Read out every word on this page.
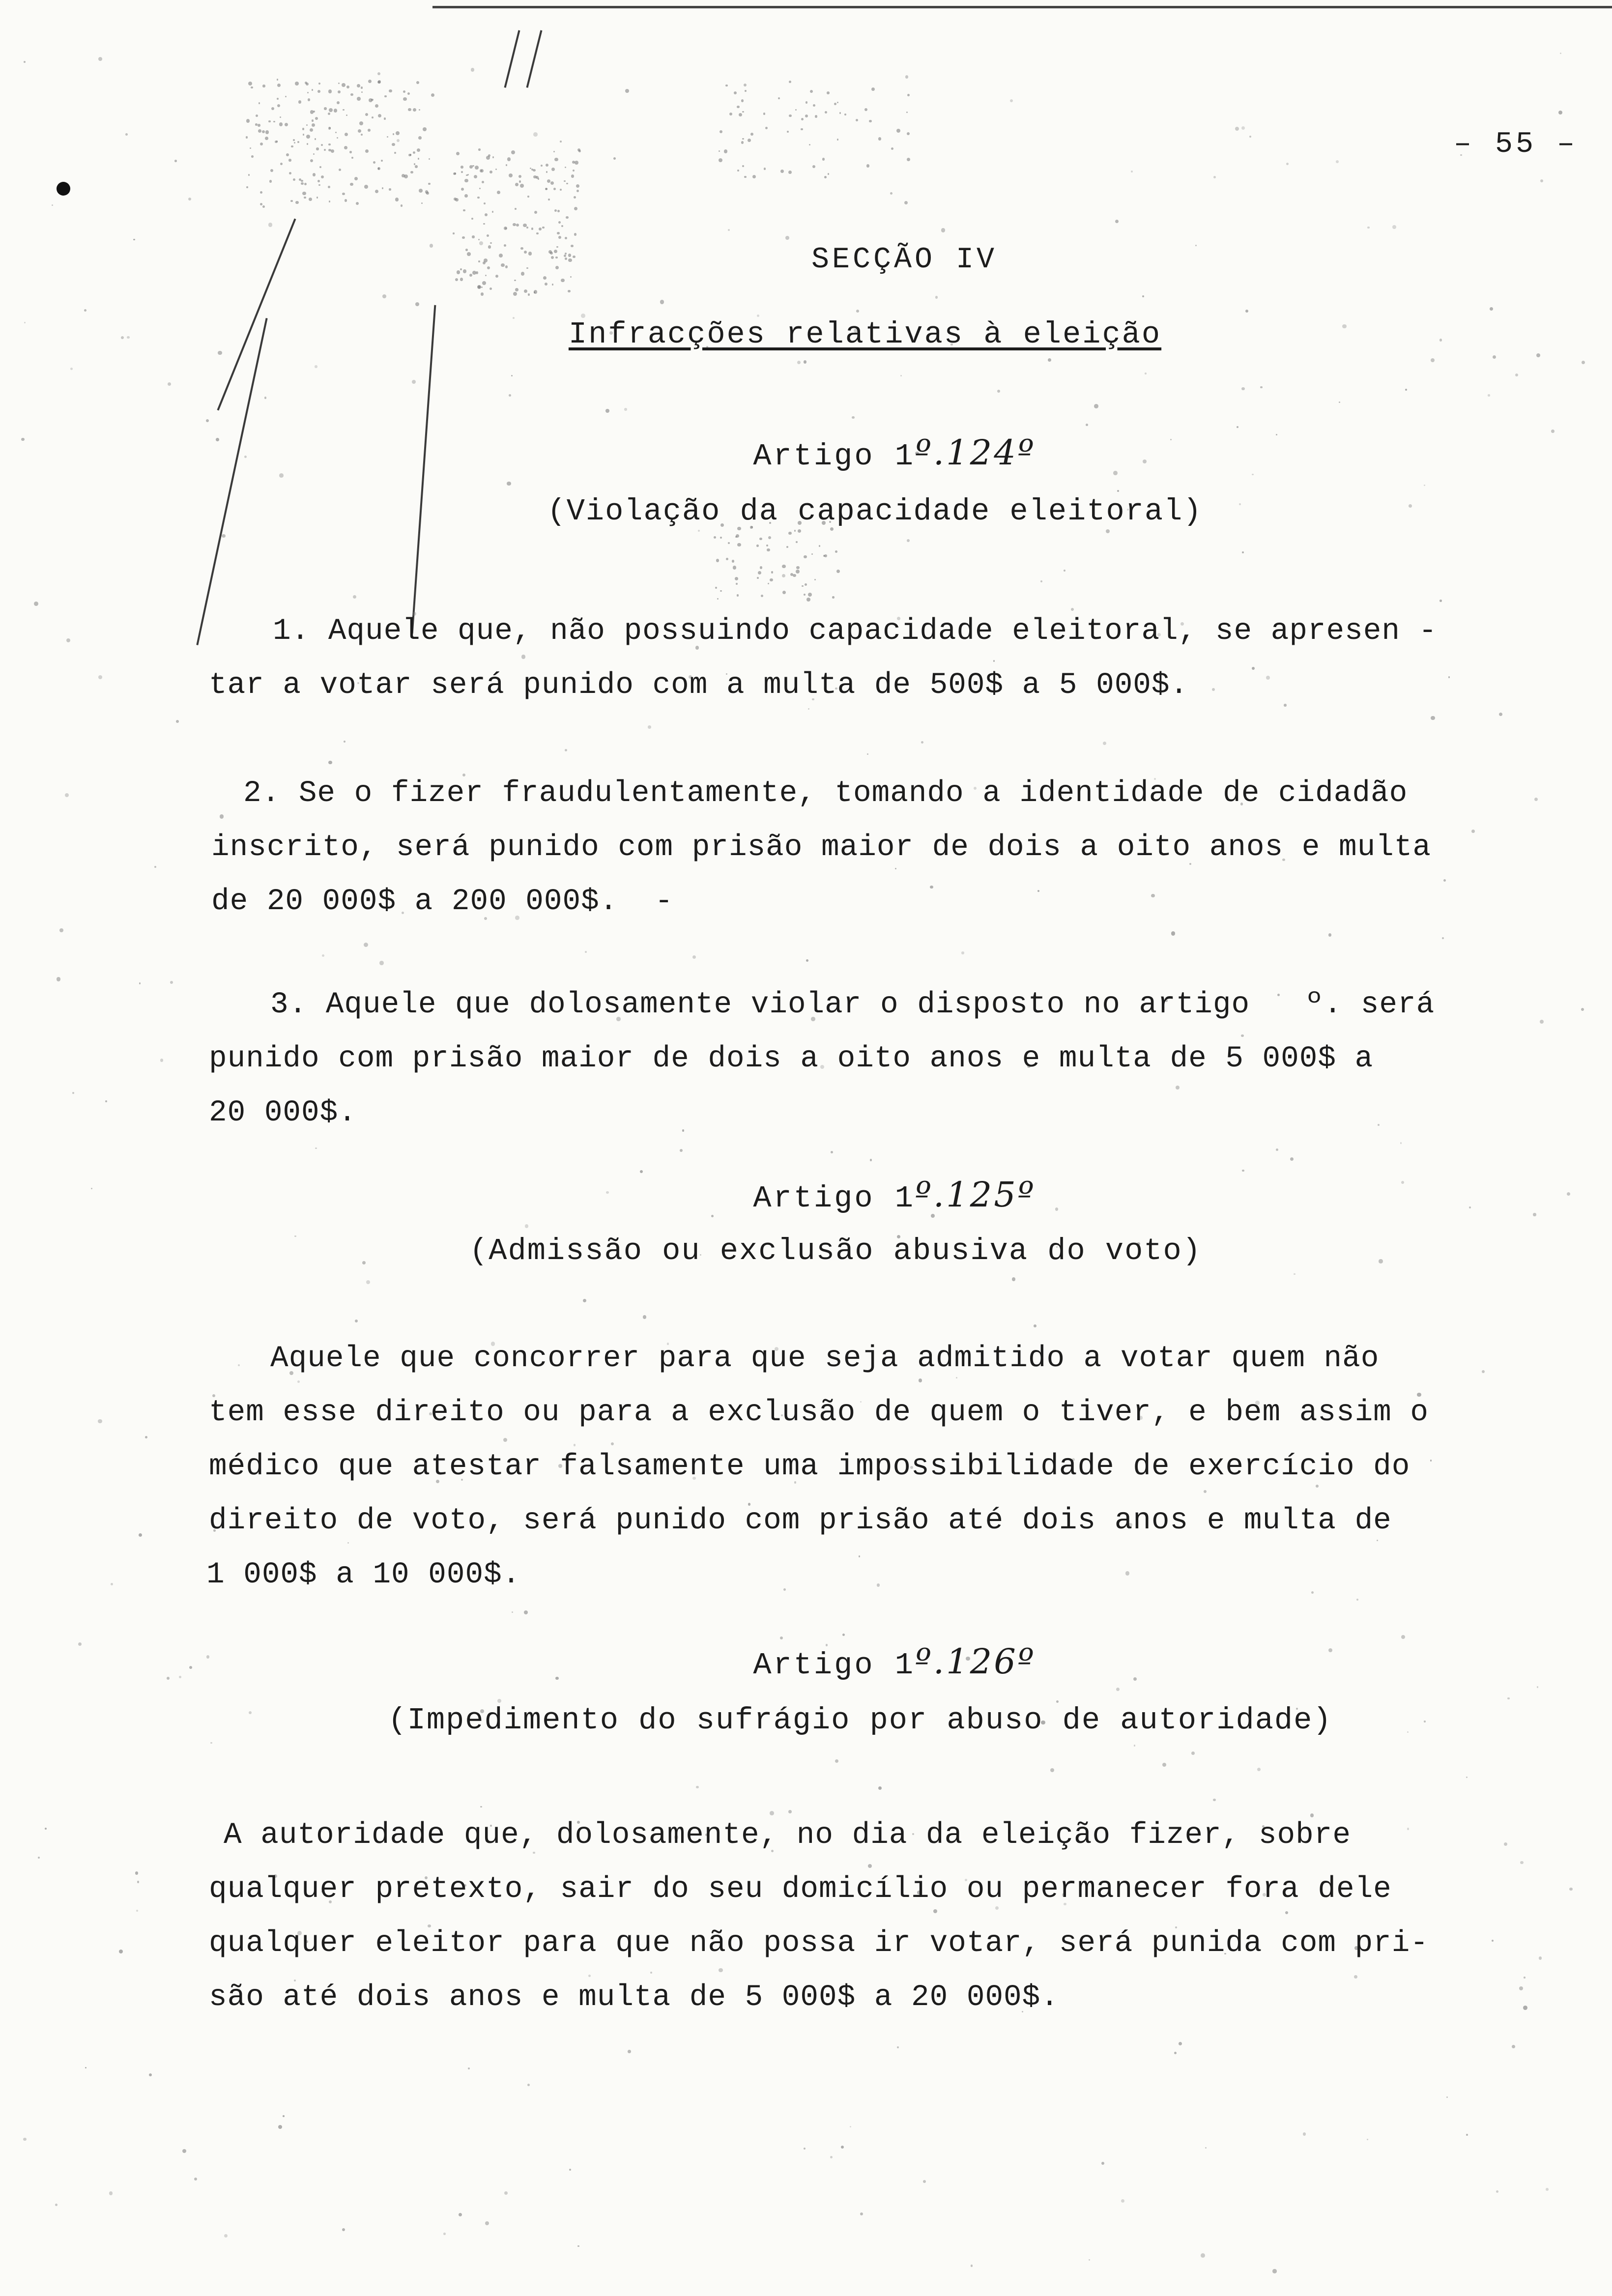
– 55 –
SECÇÃO IV
Infracções relativas à eleição
Artigo 1º.124º
(Violação da capacidade eleitoral)
1. Aquele que, não possuindo capacidade eleitoral, se apresen -
tar a votar será punido com a multa de 500$ a 5 000$.
2. Se o fizer fraudulentamente, tomando a identidade de cidadão
inscrito, será punido com prisão maior de dois a oito anos e multa
de 20 000$ a 200 000$.  -
3. Aquele que dolosamente violar o disposto no artigo   º. será
punido com prisão maior de dois a oito anos e multa de 5 000$ a
20 000$.
Artigo 1º.125º
(Admissão ou exclusão abusiva do voto)
Aquele que concorrer para que seja admitido a votar quem não
tem esse direito ou para a exclusão de quem o tiver, e bem assim o
médico que atestar falsamente uma impossibilidade de exercício do
direito de voto, será punido com prisão até dois anos e multa de
1 000$ a 10 000$.
Artigo 1º.126º
(Impedimento do sufrágio por abuso de autoridade)
A autoridade que, dolosamente, no dia da eleição fizer, sobre
qualquer pretexto, sair do seu domicílio ou permanecer fora dele
qualquer eleitor para que não possa ir votar, será punida com pri-
são até dois anos e multa de 5 000$ a 20 000$.
